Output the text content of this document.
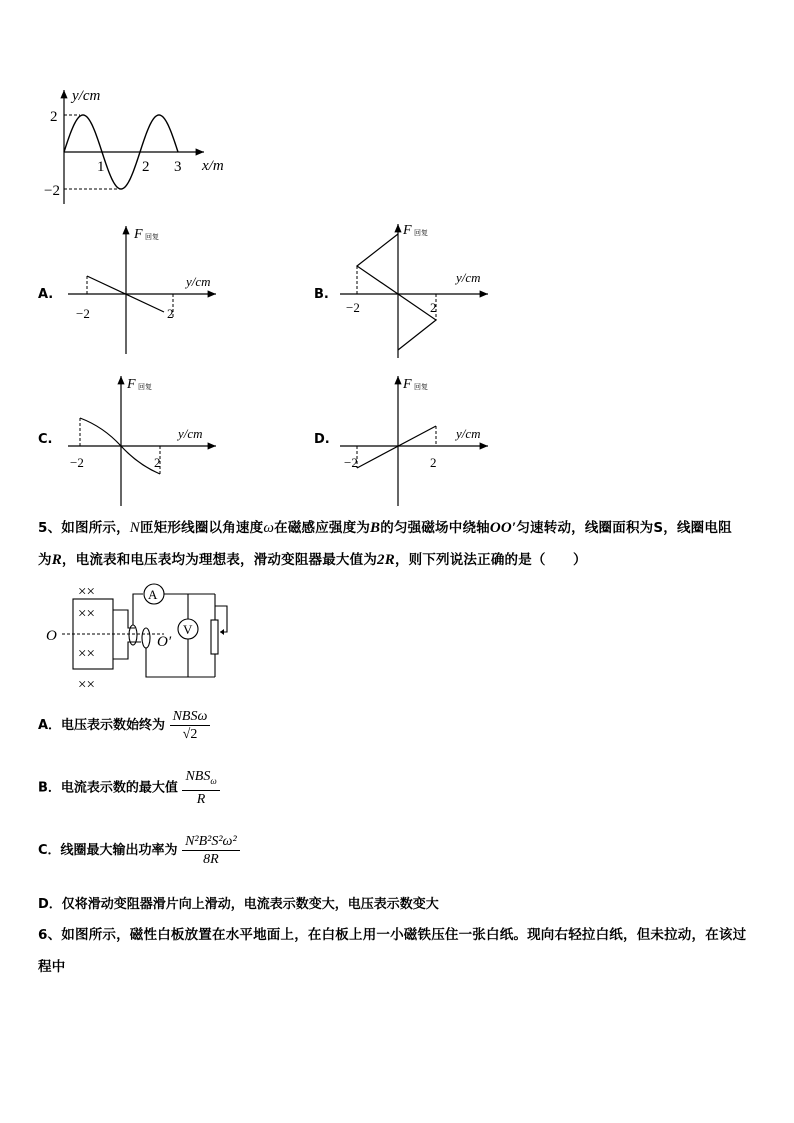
y/cm
x/m
2
−2
1	2 3
A.
F 回复
y/cm
−2	2
B.
F 回复
y/cm
−2	2
C.
F 回复
y/cm
−2	2
D.
F 回复
y/cm
−2	2
5、如图所示，N匝矩形线圈以角速度ω在磁感应强度为B的匀强磁场中绕轴OO′匀速转动，线圈面积为S，线圈电阻
为R，电流表和电压表均为理想表，滑动变阻器最大值为2R，则下列说法正确的是（　　）
××
××
××
××
O	O′
A
V
A．电压表示数始终为 $\frac{\text{NBSω}}{√2}$
B．电流表示数的最大值 $\frac{NBS_\omega}{R}$
C．线圈最大输出功率为 $\frac{\text{N²B²S²ω²}}{8R}$
D．仅将滑动变阻器滑片向上滑动，电流表示数变大，电压表示数变大
6、如图所示，磁性白板放置在水平地面上，在白板上用一小磁铁压住一张白纸。现向右轻拉白纸，但未拉动，在该过
程中
